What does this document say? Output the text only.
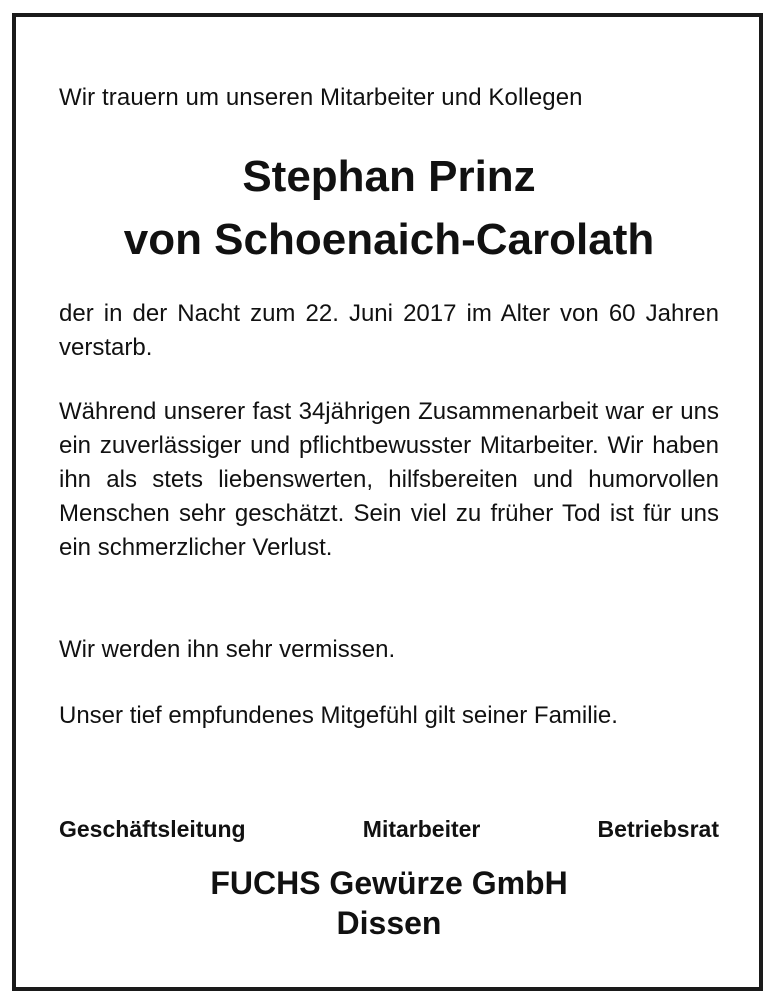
Wir trauern um unseren Mitarbeiter und Kollegen
Stephan Prinz
von Schoenaich-Carolath

der in der Nacht zum 22. Juni 2017 im Alter von 60 Jahren verstarb.

Während unserer fast 34jährigen Zusammenarbeit war er uns ein zuverlässiger und pflichtbewusster Mitarbeiter. Wir haben ihn als stets liebenswerten, hilfsbereiten und humorvollen Menschen sehr geschätzt. Sein viel zu früher Tod ist für uns ein schmerzlicher Verlust.

Wir werden ihn sehr vermissen.

Unser tief empfundenes Mitgefühl gilt seiner Familie.

Geschäftsleitung	Mitarbeiter	Betriebsrat
FUCHS Gewürze GmbH
Dissen
